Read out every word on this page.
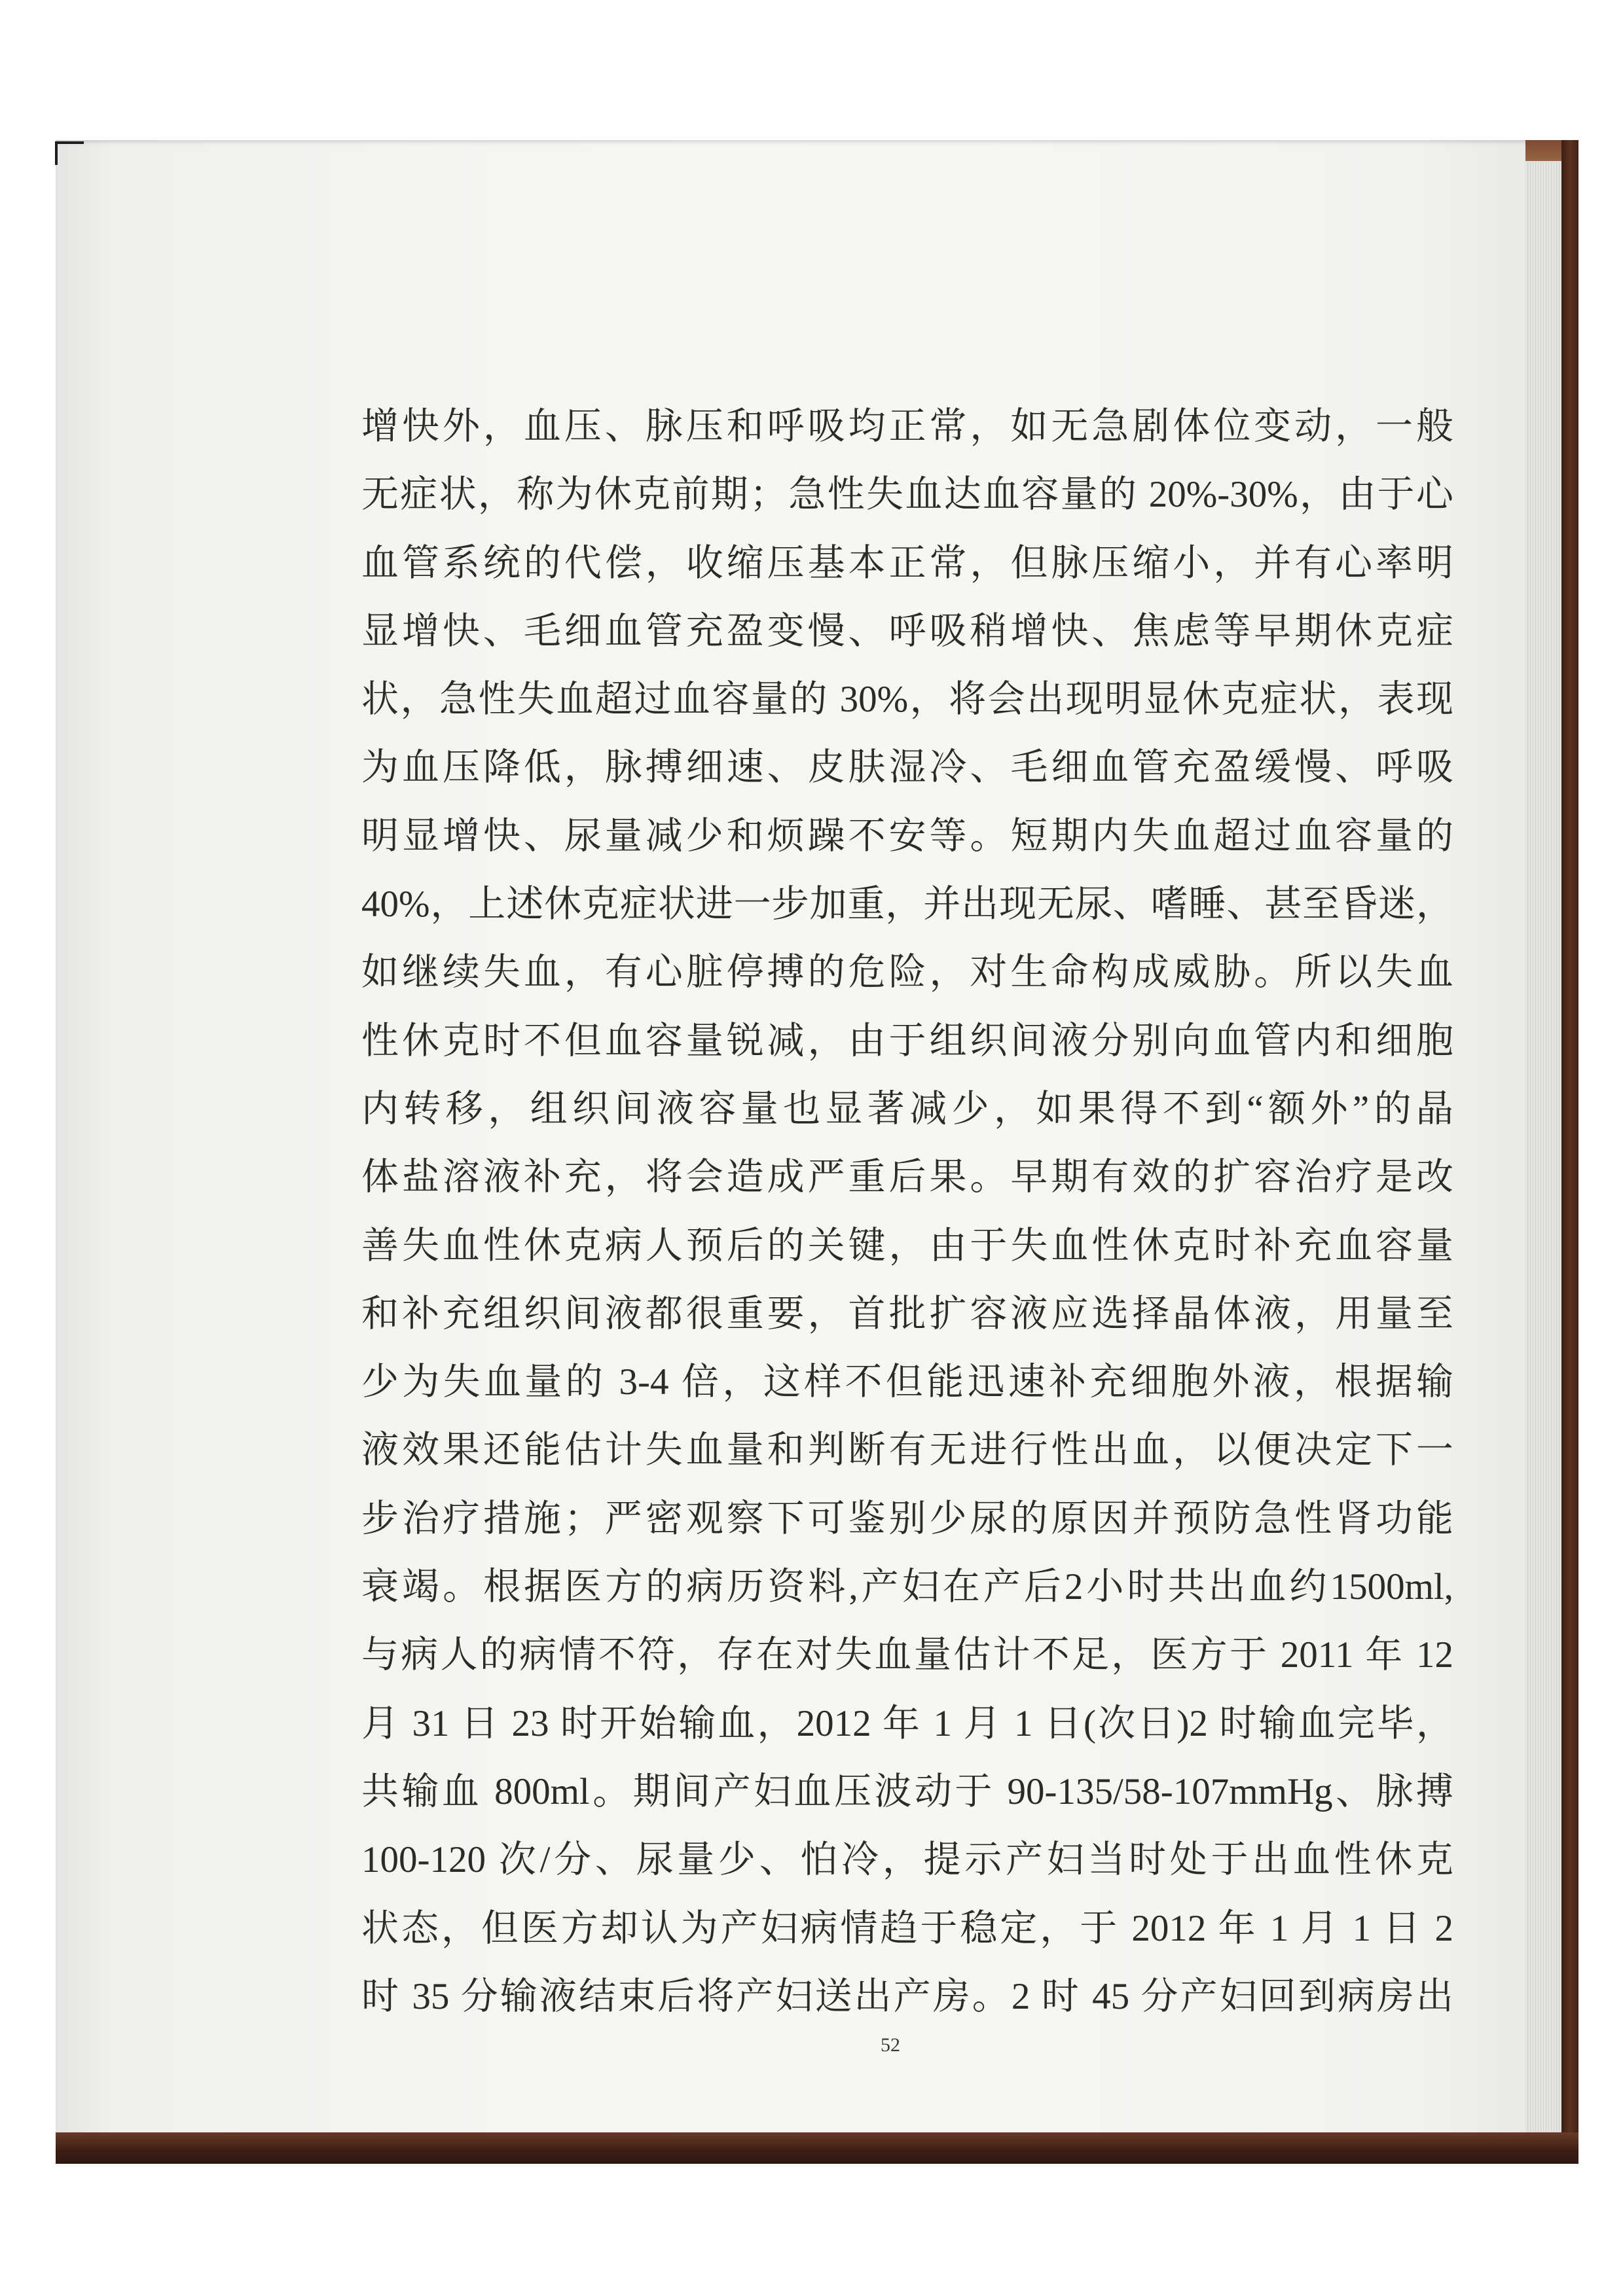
增快外，血压、脉压和呼吸均正常，如无急剧体位变动，一般
无症状，称为休克前期；急性失血达血容量的 20%-30%，由于心
血管系统的代偿，收缩压基本正常，但脉压缩小，并有心率明
显增快、毛细血管充盈变慢、呼吸稍增快、焦虑等早期休克症
状，急性失血超过血容量的 30%，将会出现明显休克症状，表现
为血压降低，脉搏细速、皮肤湿冷、毛细血管充盈缓慢、呼吸
明显增快、尿量减少和烦躁不安等。短期内失血超过血容量的
40%，上述休克症状进一步加重，并出现无尿、嗜睡、甚至昏迷，
如继续失血，有心脏停搏的危险，对生命构成威胁。所以失血
性休克时不但血容量锐减，由于组织间液分别向血管内和细胞
内转移，组织间液容量也显著减少，如果得不到“额外”的晶
体盐溶液补充，将会造成严重后果。早期有效的扩容治疗是改
善失血性休克病人预后的关键，由于失血性休克时补充血容量
和补充组织间液都很重要，首批扩容液应选择晶体液，用量至
少为失血量的 3-4 倍，这样不但能迅速补充细胞外液，根据输
液效果还能估计失血量和判断有无进行性出血，以便决定下一
步治疗措施；严密观察下可鉴别少尿的原因并预防急性肾功能
衰竭。根据医方的病历资料,产妇在产后2小时共出血约1500ml,
与病人的病情不符，存在对失血量估计不足，医方于 2011 年 12
月 31 日 23 时开始输血，2012 年 1 月 1 日(次日)2 时输血完毕，
共输血 800ml。期间产妇血压波动于 90-135/58-107mmHg、脉搏
100-120 次/分、尿量少、怕冷，提示产妇当时处于出血性休克
状态，但医方却认为产妇病情趋于稳定，于 2012 年 1 月 1 日 2
时 35 分输液结束后将产妇送出产房。2 时 45 分产妇回到病房出
52
